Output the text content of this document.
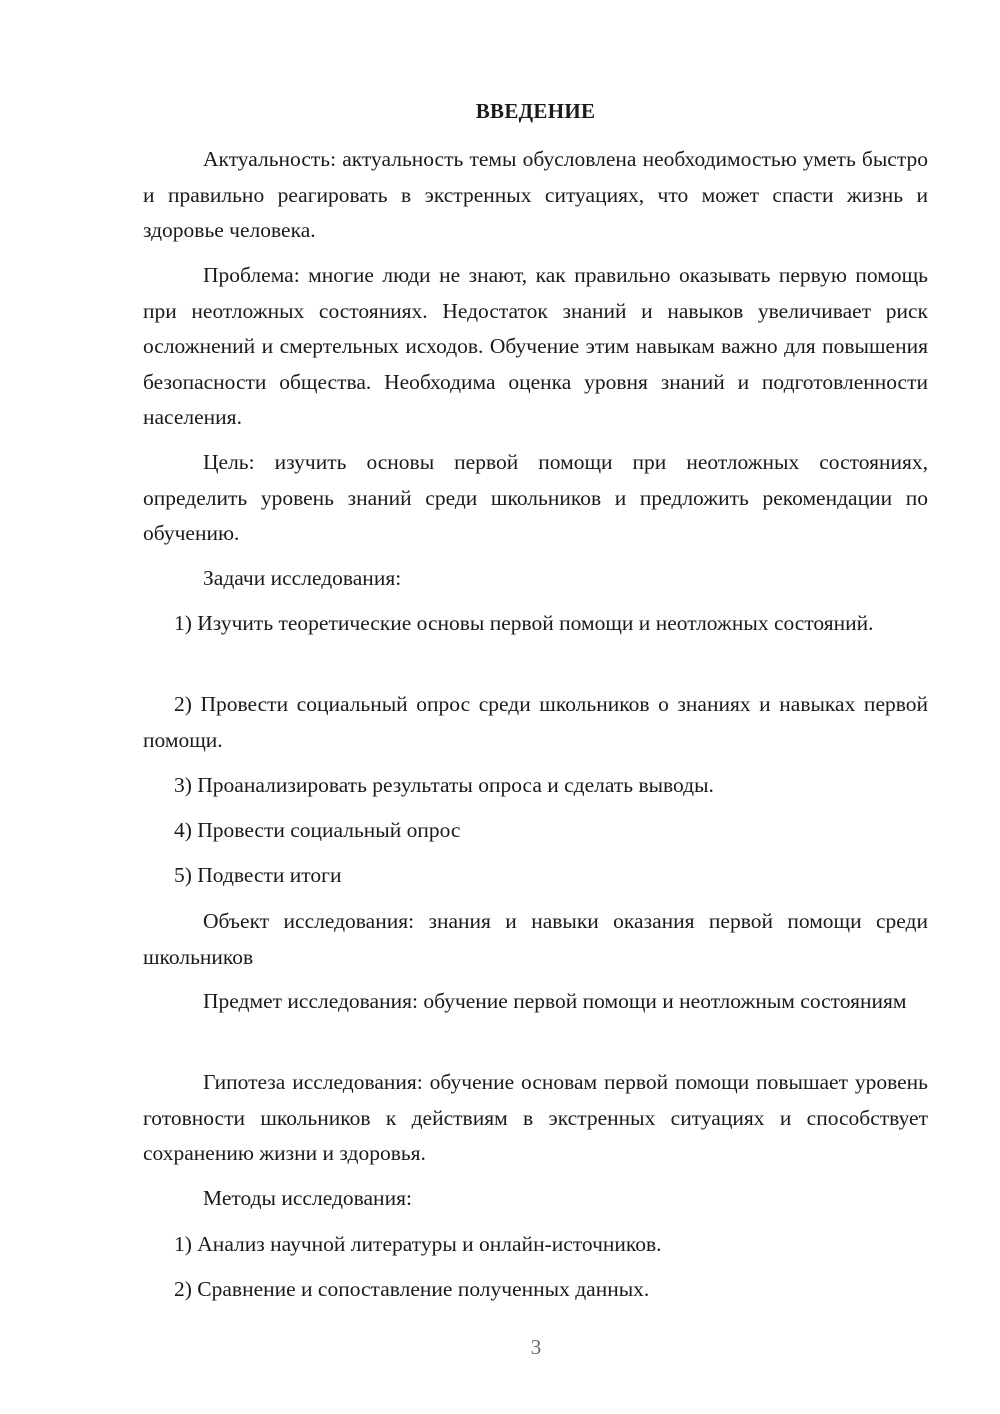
ВВЕДЕНИЕ

Актуальность: актуальность темы обусловлена необходимостью уметь быстро и правильно реагировать в экстренных ситуациях, что может спасти жизнь и здоровье человека.

Проблема: многие люди не знают, как правильно оказывать первую помощь при неотложных состояниях. Недостаток знаний и навыков увеличивает риск осложнений и смертельных исходов. Обучение этим навыкам важно для повышения безопасности общества. Необходима оценка уровня знаний и подготовленности населения.

Цель: изучить основы первой помощи при неотложных состояниях, определить уровень знаний среди школьников и предложить рекомендации по обучению.

Задачи исследования:

1) Изучить теоретические основы первой помощи и неотложных состояний.

2) Провести социальный опрос среди школьников о знаниях и навыках первой помощи.

3) Проанализировать результаты опроса и сделать выводы.

4) Провести социальный опрос

5) Подвести итоги

Объект исследования: знания и навыки оказания первой помощи среди школьников

Предмет исследования: обучение первой помощи и неотложным состояниям

Гипотеза исследования: обучение основам первой помощи повышает уровень готовности школьников к действиям в экстренных ситуациях и способствует сохранению жизни и здоровья.

Методы исследования:

1) Анализ научной литературы и онлайн-источников.

2) Сравнение и сопоставление полученных данных.

3
